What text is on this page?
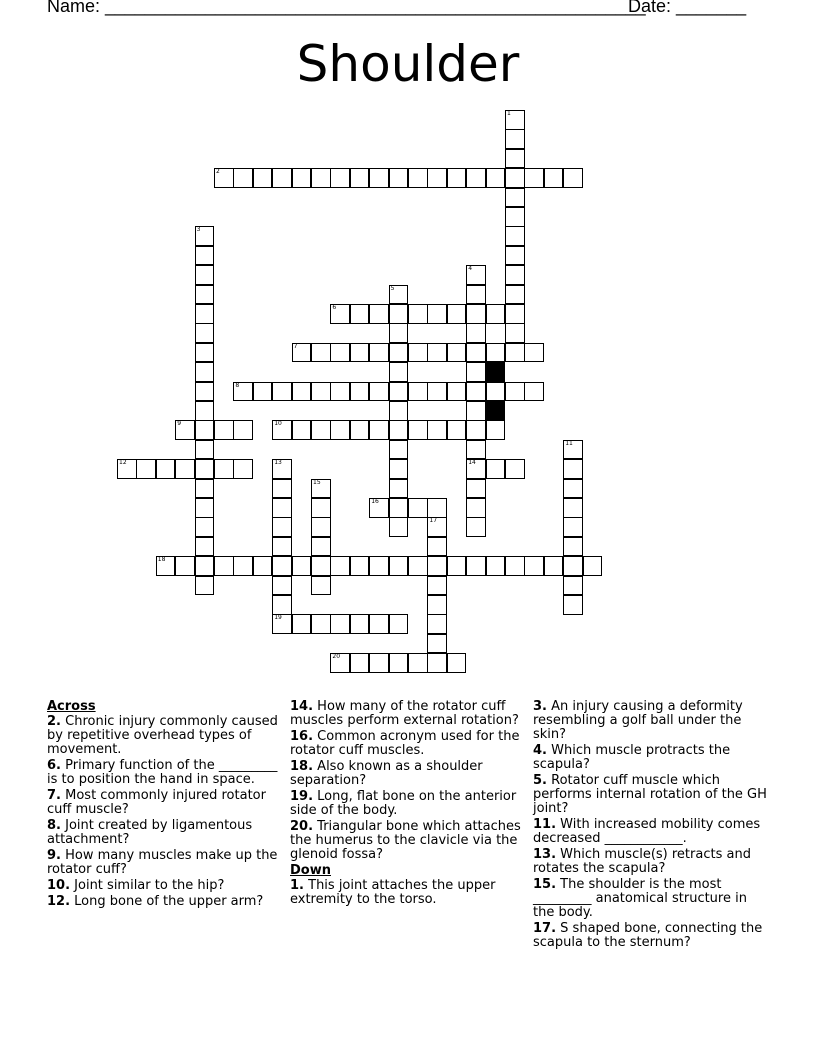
Name: ______________________________________________________
Date: _______
Shoulder
1
2
3
4
14
5
6
7
8
9	10
11
12	13
15
16
17
18
19
20
Across
2. Chronic injury commonly caused by repetitive overhead types of movement.
6. Primary function of the _________ is to position the hand in space.
7. Most commonly injured rotator cuff muscle?
8. Joint created by ligamentous attachment?
9. How many muscles make up the rotator cuff?
10. Joint similar to the hip?
12. Long bone of the upper arm?
14. How many of the rotator cuff muscles perform external rotation?
16. Common acronym used for the rotator cuff muscles.
18. Also known as a shoulder separation?
19. Long, flat bone on the anterior side of the body.
20. Triangular bone which attaches the humerus to the clavicle via the glenoid fossa?
Down
1. This joint attaches the upper extremity to the torso.
3. An injury causing a deformity resembling a golf ball under the skin?
4. Which muscle protracts the scapula?
5. Rotator cuff muscle which performs internal rotation of the GH joint?
11. With increased mobility comes decreased ____________.
13. Which muscle(s) retracts and rotates the scapula?
15. The shoulder is the most _________ anatomical structure in the body.
17. S shaped bone, connecting the scapula to the sternum?
